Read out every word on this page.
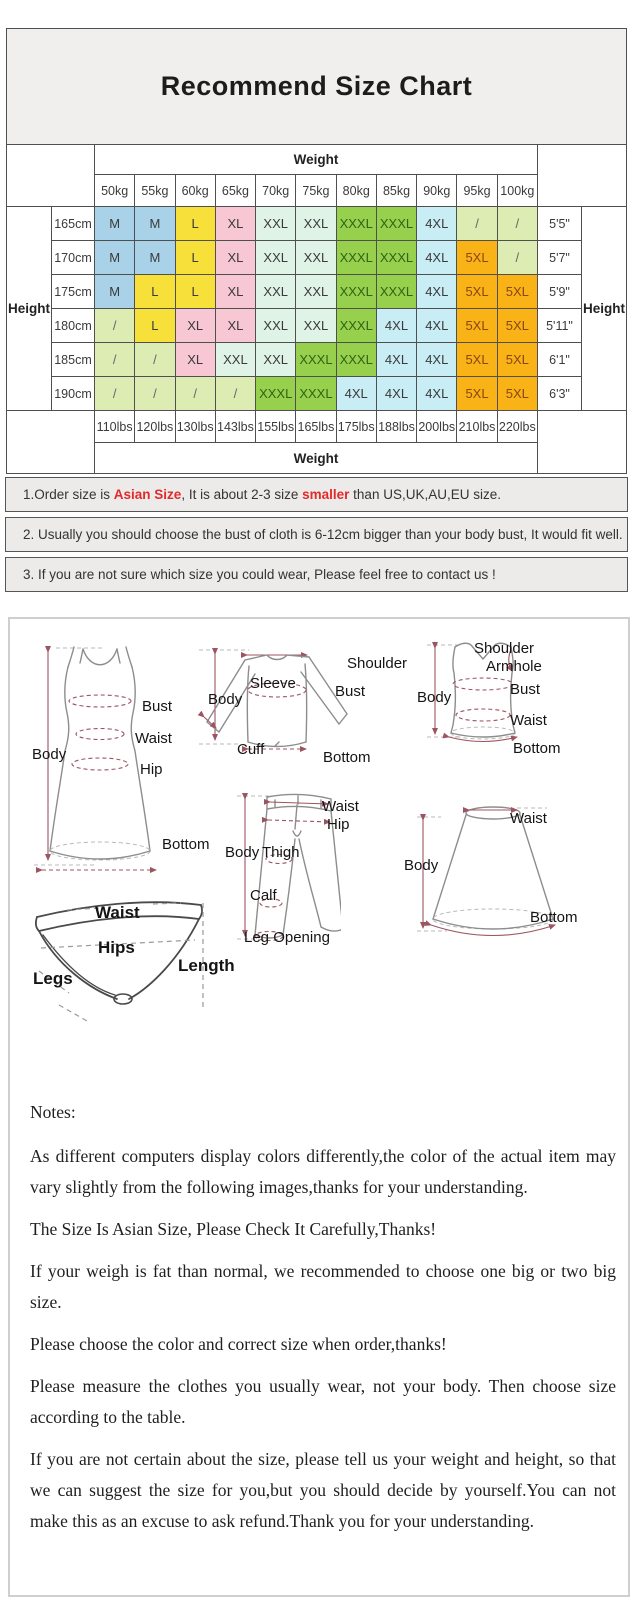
Recommend Size Chart
		Weight												
		50kg	55kg	60kg	65kg	70kg	75kg	80kg	85kg	90kg	95kg	100kg		
Height	165cm	M	M	L	XL	XXL	XXL	XXXL	XXXL	4XL	/	/	5'5"	Height
	170cm	M	M	L	XL	XXL	XXL	XXXL	XXXL	4XL	5XL	/	5'7"	
	175cm	M	L	L	XL	XXL	XXL	XXXL	XXXL	4XL	5XL	5XL	5'9"	
	180cm	/	L	XL	XL	XXL	XXL	XXXL	4XL	4XL	5XL	5XL	5'11"	
	185cm	/	/	XL	XXL	XXL	XXXL	XXXL	4XL	4XL	5XL	5XL	6'1"	
	190cm	/	/	/	/	XXXL	XXXL	4XL	4XL	4XL	5XL	5XL	6'3"	
		110lbs	120lbs	130lbs	143lbs	155lbs	165lbs	175lbs	188lbs	200lbs	210lbs	220lbs		
		Weight												
1.Order size is Asian Size, It is about 2-3 size smaller than US,UK,AU,EU size.
2. Usually you should choose the bust of cloth is 6-12cm bigger than your body bust, It would fit well.
3. If you are not sure which size you could wear, Please feel free to contact us !
Bust
Waist
Hip
Body
Bottom
Shoulder
Sleeve
Body	Bust
Cuff	Bottom
Shoulder
Armhole
Bust
Body
Waist
Bottom
Waist
Hip
Body Thigh
Calf
Leg Opening
Waist
Body
Bottom
Waist
Hips
Legs
Length

Notes:

As different computers display colors differently,the color of the actual item may vary slightly from the following images,thanks for your understanding.

The Size Is Asian Size, Please Check It Carefully,Thanks!

If your weigh is fat than normal, we recommended to choose one big or two big size.

Please choose the color and correct size when order,thanks!

Please measure the clothes you usually wear, not your body. Then choose size according to the table.

If you are not certain about the size, please tell us your weight and height, so that we can suggest the size for you,but you should decide by yourself.You can not make this as an excuse to ask refund.Thank you for your understanding.
